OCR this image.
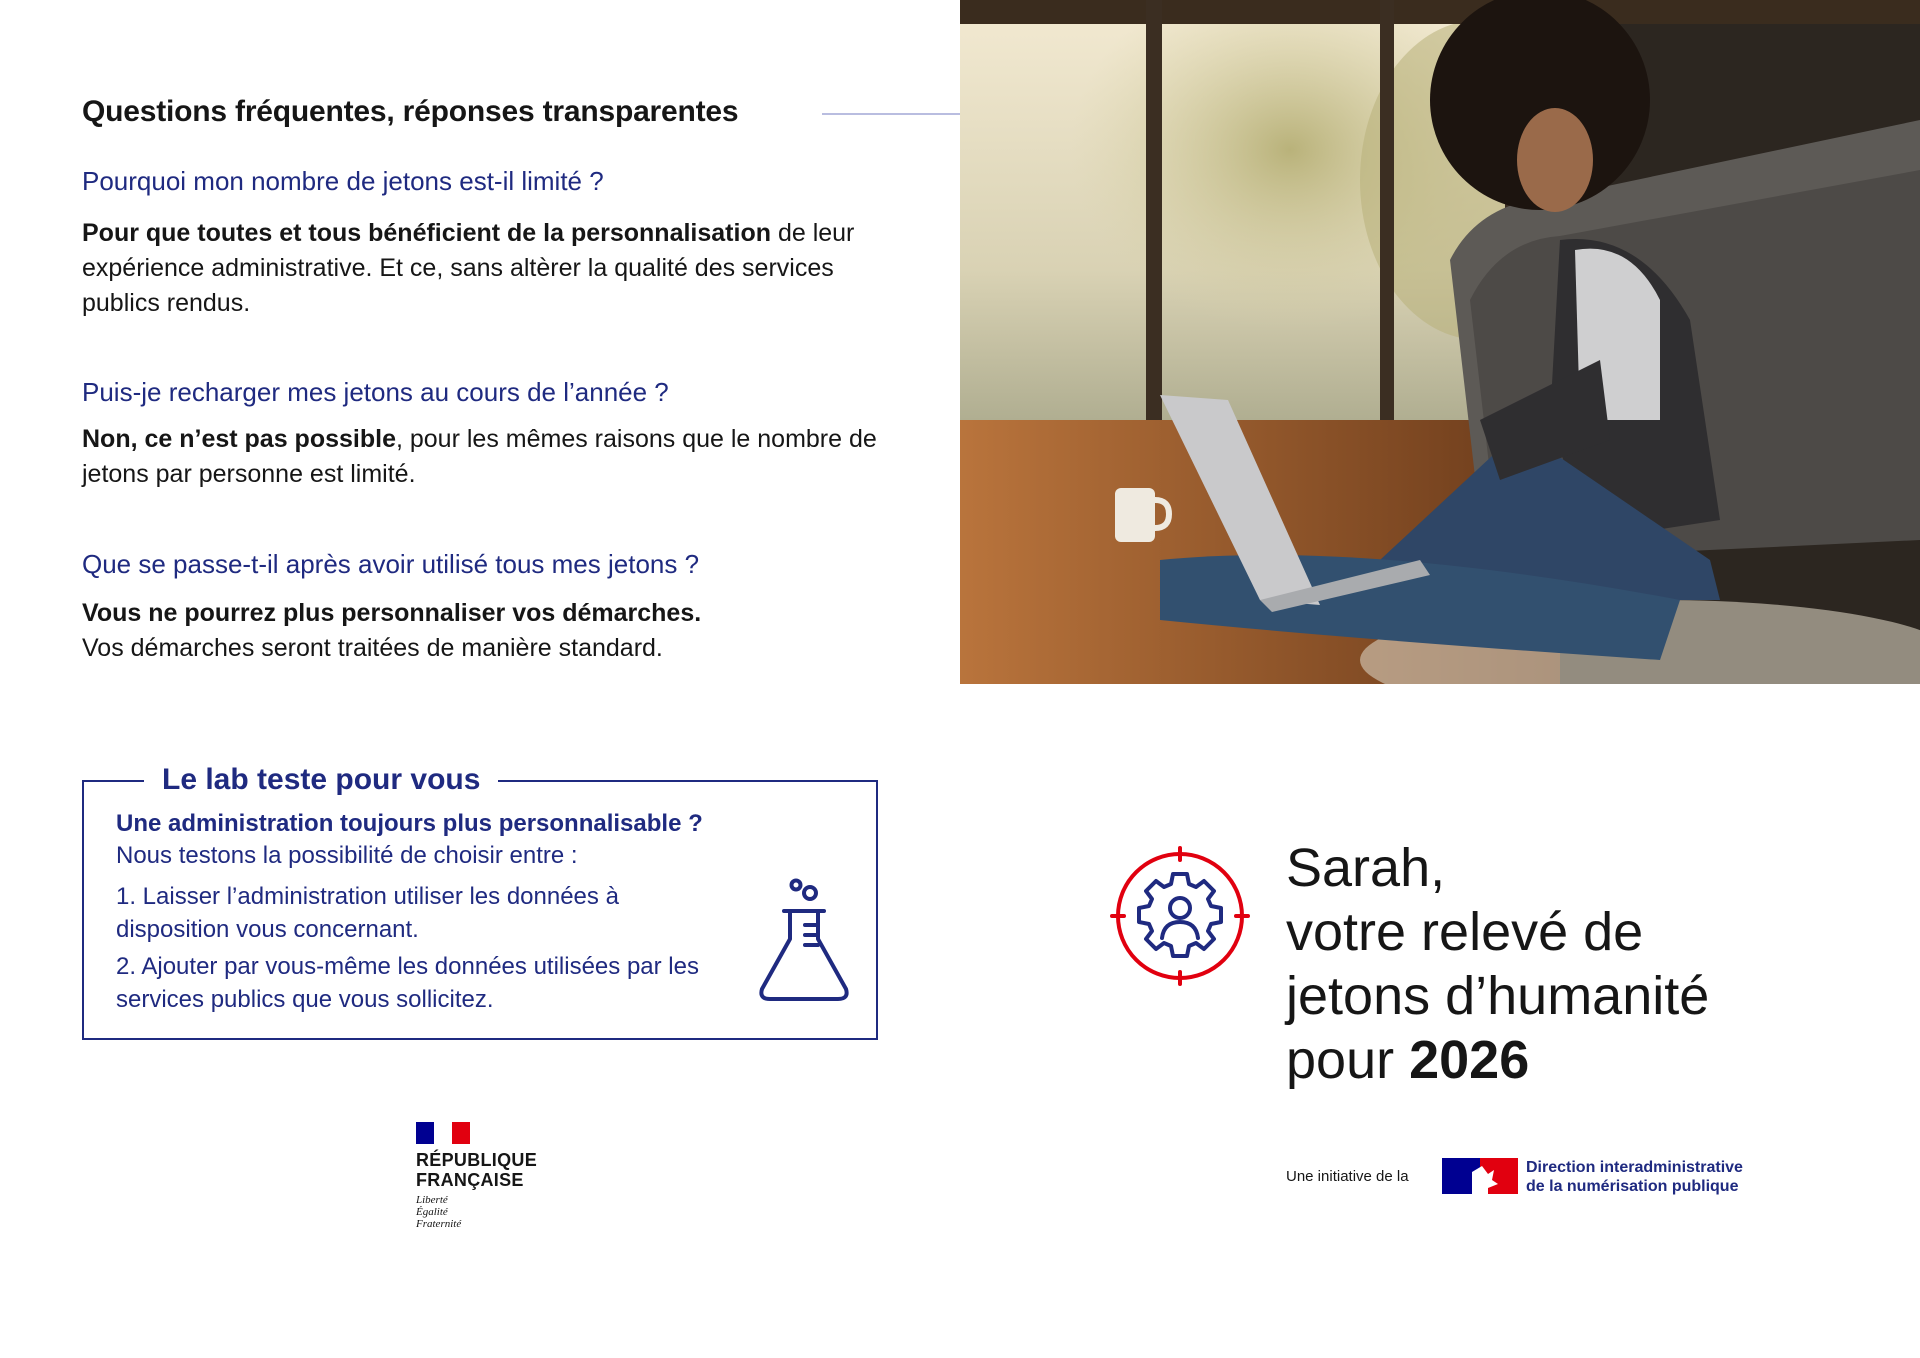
Questions fréquentes, réponses transparentes
Pourquoi mon nombre de jetons est-il limité ?
Pour que toutes et tous bénéficient de la personnalisation de leur expérience administrative. Et ce, sans altèrer la qualité des services publics rendus.
Puis-je recharger mes jetons au cours de l’année ?
Non, ce n’est pas possible, pour les mêmes raisons que le nombre de jetons par personne est limité.
Que se passe-t-il après avoir utilisé tous mes jetons ?
Vous ne pourrez plus personnaliser vos démarches.
Vos démarches seront traitées de manière standard.
Le lab teste pour vous
Une administration toujours plus personnalisable ?
Nous testons la possibilité de choisir entre :
1. Laisser l’administration utiliser les données à disposition vous concernant.
2. Ajouter par vous-même les données utilisées par les services publics que vous sollicitez.
RÉPUBLIQUE
FRANÇAISE
Liberté
Égalité
Fraternité
Sarah,
votre relevé de
jetons d’humanité
pour 2026
Une initiative de la
Direction interadministrative
de la numérisation publique
